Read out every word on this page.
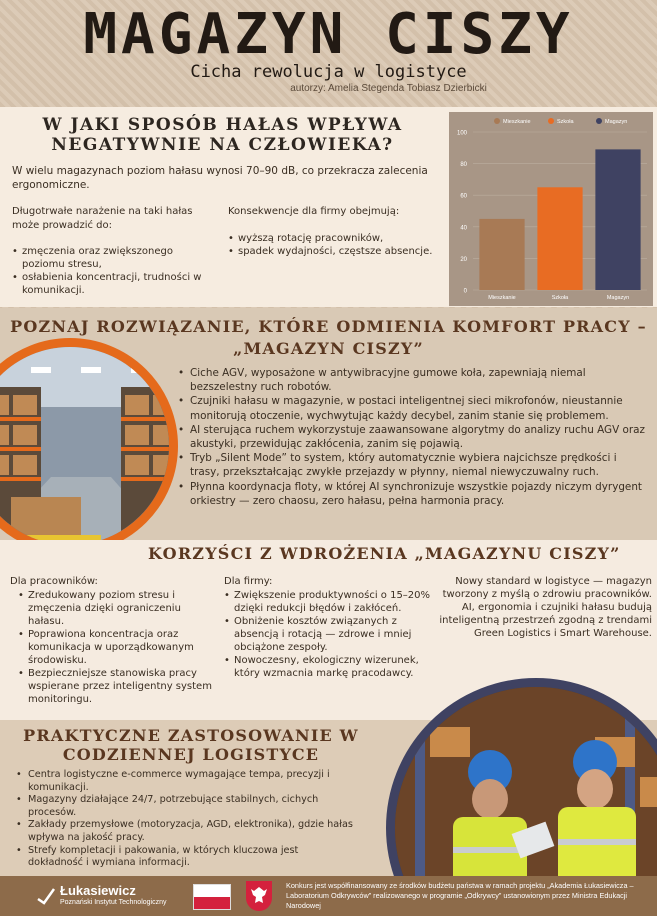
MAGAZYN CISZY
Cicha rewolucja w logistyce
autorzy: Amelia Stegenda Tobiasz Dzierbicki
W JAKI SPOSÓB HAŁAS WPŁYWA NEGATYWNIE NA CZŁOWIEKA?
W wielu magazynach poziom hałasu wynosi 70–90 dB, co przekracza zalecenia ergonomiczne.
Długotrwałe narażenie na taki hałas może prowadzić do:
• zmęczenia oraz zwiększonego poziomu stresu,
• osłabienia koncentracji, trudności w komunikacji.
Konsekwencje dla firmy obejmują:
• wyższą rotację pracowników,
• spadek wydajności, częstsze absencje.
0
20
40
60
80
100
Mieszkanie	Szkoła	Magazyn
Mieszkanie	Szkoła	Magazyn
POZNAJ ROZWIĄZANIE, KTÓRE ODMIENIA KOMFORT PRACY – „MAGAZYN CISZY”
• Ciche AGV, wyposażone w antywibracyjne gumowe koła, zapewniają niemal bezszelestny ruch robotów.
• Czujniki hałasu w magazynie, w postaci inteligentnej sieci mikrofonów, nieustannie monitorują otoczenie, wychwytując każdy decybel, zanim stanie się problemem.
• AI sterująca ruchem wykorzystuje zaawansowane algorytmy do analizy ruchu AGV oraz akustyki, przewidując zakłócenia, zanim się pojawią.
• Tryb „Silent Mode” to system, który automatycznie wybiera najcichsze prędkości i trasy, przekształcając zwykłe przejazdy w płynny, niemal niewyczuwalny ruch.
• Płynna koordynacja floty, w której AI synchronizuje wszystkie pojazdy niczym dyrygent orkiestry — zero chaosu, zero hałasu, pełna harmonia pracy.
KORZYŚCI Z WDROŻENIA „MAGAZYNU CISZY”
Dla pracowników:
• Zredukowany poziom stresu i zmęczenia dzięki ograniczeniu hałasu.
• Poprawiona koncentracja oraz komunikacja w uporządkowanym środowisku.
• Bezpieczniejsze stanowiska pracy wspierane przez inteligentny system monitoringu.
Dla firmy:
• Zwiększenie produktywności o 15–20% dzięki redukcji błędów i zakłóceń.
• Obniżenie kosztów związanych z absencją i rotacją — zdrowe i mniej obciążone zespoły.
• Nowoczesny, ekologiczny wizerunek, który wzmacnia markę pracodawcy.
Nowy standard w logistyce — magazyn tworzony z myślą o zdrowiu pracowników. AI, ergonomia i czujniki hałasu budują inteligentną przestrzeń zgodną z trendami Green Logistics i Smart Warehouse.
PRAKTYCZNE ZASTOSOWANIE W CODZIENNEJ LOGISTYCE
• Centra logistyczne e-commerce wymagające tempa, precyzji i komunikacji.
• Magazyny działające 24/7, potrzebujące stabilnych, cichych procesów.
• Zakłady przemysłowe (motoryzacja, AGD, elektronika), gdzie hałas wpływa na jakość pracy.
• Strefy kompletacji i pakowania, w których kluczowa jest dokładność i wymiana informacji.
Łukasiewicz
Poznański Instytut Technologiczny
Konkurs jest współfinansowany ze środków budżetu państwa w ramach projektu „Akademia Łukasiewicza – Laboratorium Odkrywców” realizowanego w programie „Odkrywcy” ustanowionym przez Ministra Edukacji Narodowej
